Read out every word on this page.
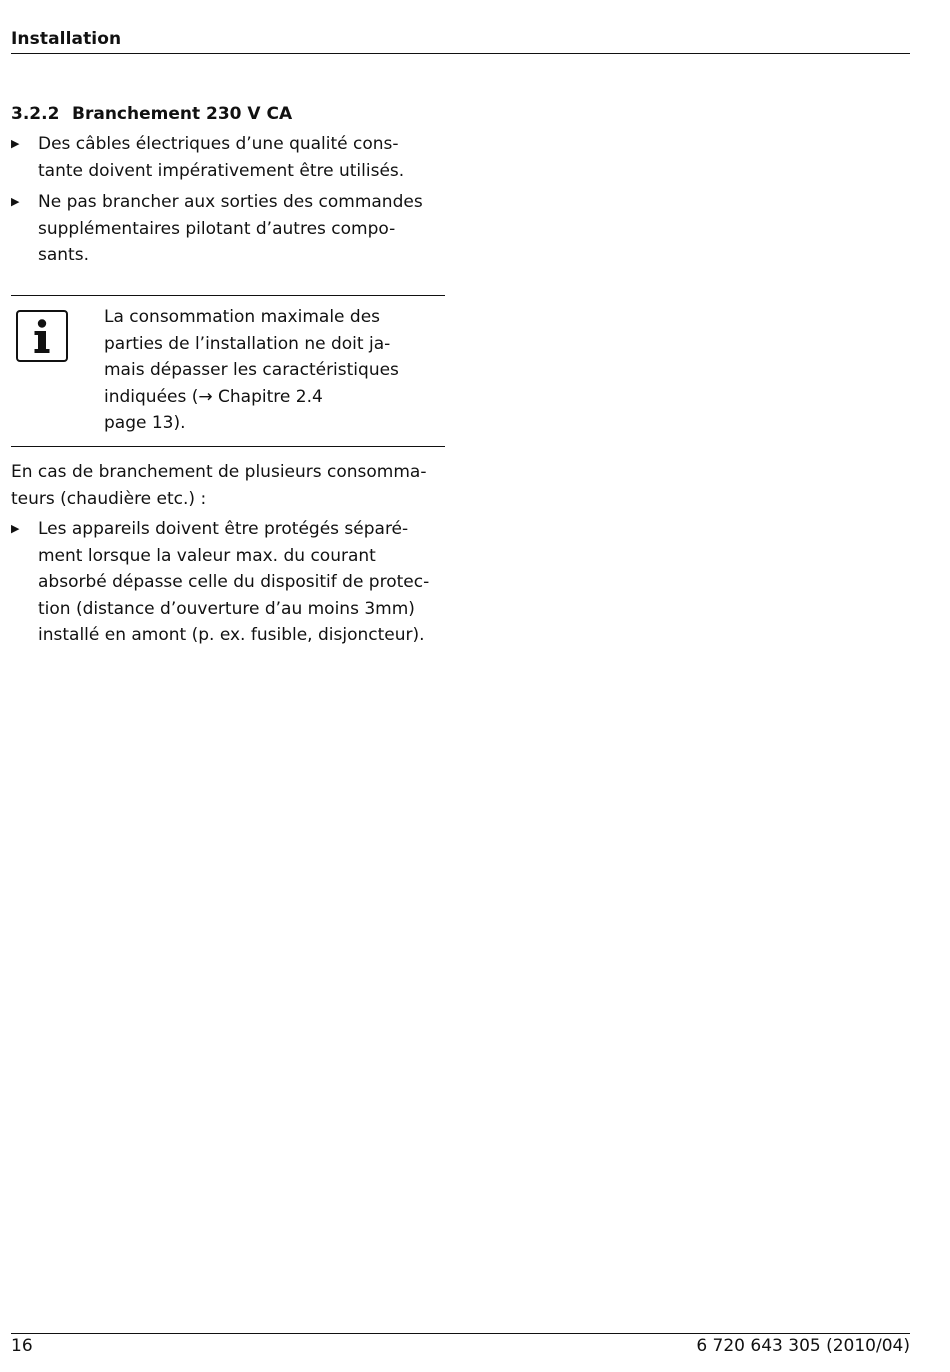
Installation
3.2.2 Branchement 230 V CA
▶ Des câbles électriques d’une qualité cons-
tante doivent impérativement être utilisés.
▶ Ne pas brancher aux sorties des commandes
supplémentaires pilotant d’autres compo-
sants.
La consommation maximale des
parties de l’installation ne doit ja-
mais dépasser les caractéristiques
indiquées (→ Chapitre 2.4
page 13).
En cas de branchement de plusieurs consomma-
teurs (chaudière etc.) :
▶ Les appareils doivent être protégés séparé-
ment lorsque la valeur max. du courant
absorbé dépasse celle du dispositif de protec-
tion (distance d’ouverture d’au moins 3mm)
installé en amont (p. ex. fusible, disjoncteur).
16	6 720 643 305 (2010/04)
